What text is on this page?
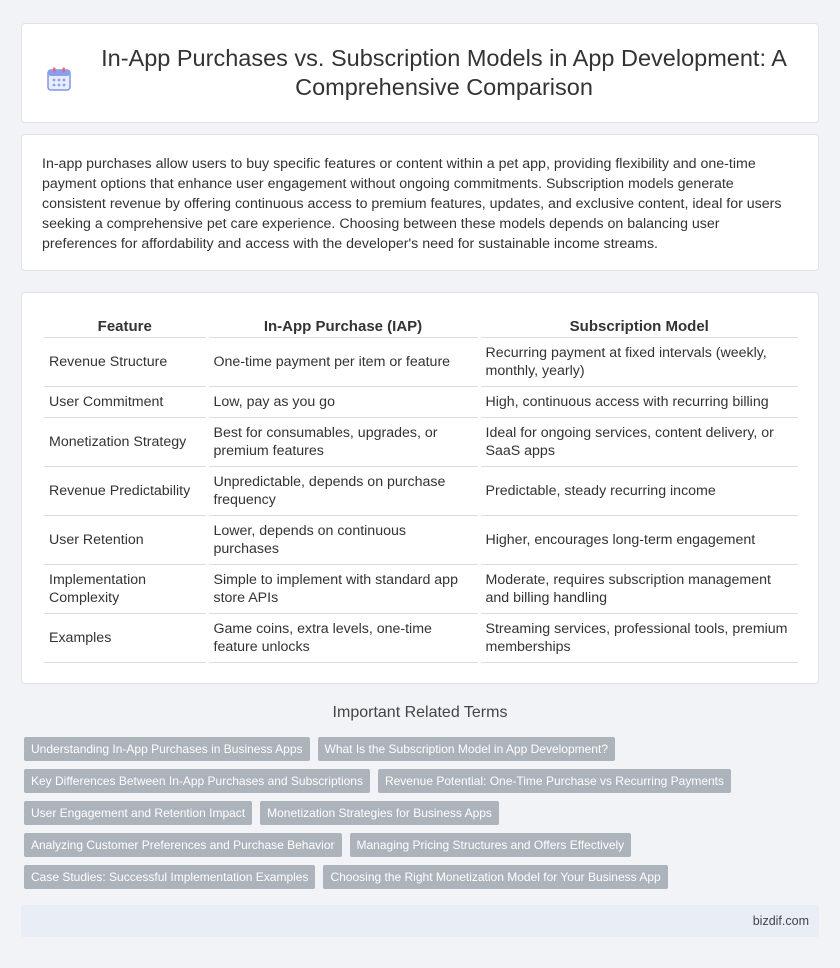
In-App Purchases vs. Subscription Models in App Development: A Comprehensive Comparison

In-app purchases allow users to buy specific features or content within a pet app, providing flexibility and one-time payment options that enhance user engagement without ongoing commitments. Subscription models generate consistent revenue by offering continuous access to premium features, updates, and exclusive content, ideal for users seeking a comprehensive pet care experience. Choosing between these models depends on balancing user preferences for affordability and access with the developer's need for sustainable income streams.

Feature	In-App Purchase (IAP)	Subscription Model
Revenue Structure	One-time payment per item or feature	Recurring payment at fixed intervals (weekly, monthly, yearly)
User Commitment	Low, pay as you go	High, continuous access with recurring billing
Monetization Strategy	Best for consumables, upgrades, or premium features	Ideal for ongoing services, content delivery, or SaaS apps
Revenue Predictability	Unpredictable, depends on purchase frequency	Predictable, steady recurring income
User Retention	Lower, depends on continuous purchases	Higher, encourages long-term engagement
Implementation Complexity	Simple to implement with standard app store APIs	Moderate, requires subscription management and billing handling
Examples	Game coins, extra levels, one-time feature unlocks	Streaming services, professional tools, premium memberships
Important Related Terms
Understanding In-App Purchases in Business Apps	What Is the Subscription Model in App Development?
Key Differences Between In-App Purchases and Subscriptions	Revenue Potential: One-Time Purchase vs Recurring Payments
User Engagement and Retention Impact	Monetization Strategies for Business Apps
Analyzing Customer Preferences and Purchase Behavior	Managing Pricing Structures and Offers Effectively
Case Studies: Successful Implementation Examples	Choosing the Right Monetization Model for Your Business App
bizdif.com
